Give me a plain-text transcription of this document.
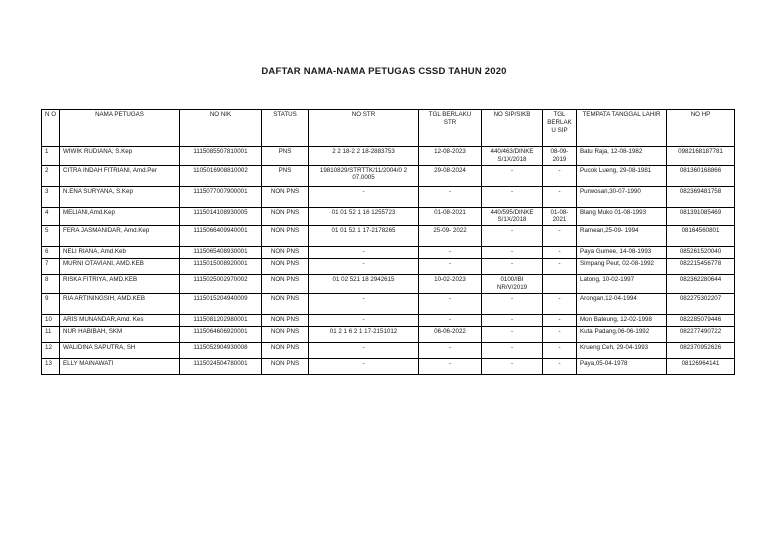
DAFTAR NAMA-NAMA PETUGAS CSSD TAHUN 2020
N O	NAMA PETUGAS	NO NIK	STATUS	NO STR	TGL BERLAKU STR	NO SIP/SIKB	TGL BERLAKU SIP	TEMPATA TANGGAL LAHIR	NO HP
1	WIWIK RUDIANA, S.Kep	1115085507810001	PNS	2 2 18-2 2 18-2883753	12-08-2023	440/463/DINKE S/1X/2018	08-09-2019	Batu Raja, 12-08-1982	0982168187781
2	CITRA INDAH FITRIANI, Amd.Per	1105016908810002	PNS	19810829/STRTTK/11/2004/0 2 07.0005	29-08-2024	-	-	Pucok Lueng, 29-08-1981	081360168866
3	N.ENA SURYANA, S.Kep	1115077007900001	NON PNS	-	-	-	-	Purwosari,30-07-1990	082369481758
4	MELIANI,Amd.Kep	1115014108930005	NON PNS	01 01 52 1 16 1255723	01-08-2021	440/595/DINKE S/1X/2018	01-08-2021	Blang Muko 01-08-1993	081391085469
5	FERA JASMANIDAR, Amd.Kep	1115066409940001	NON PNS	01 01 52 1 17-2178265	25-09- 2022	-	-	Ramean,25-09- 1994	08164560801
6	NELI RIANA, Amd.Keb	1115065408930001	NON PNS	-	-	-	-	Paya Gumee, 14-08-1993	085261520040
7	MURNI OTAVIANI, AMD.KEB	1115015008920001	NON PNS	-	-	-	-	Simpang Peut, 02-08-1992	082215456778
8	RISKA FITRIYA, AMD.KEB	1115025002970002	NON PNS	01 02 521 18 2942615	10-02-2023	0100/IBI NR/V/2019		Latong, 10-02-1997	082362280644
9	RIA ARTININGSIH, AMD.KEB	1115015204940009	NON PNS	-	-	-	-	Arongan,12-04-1994	082275302207
10	ARIS MUNANDAR,Amd. Kes	1115081202980001	NON PNS	-	-	-	-	Mon Bateung, 12-02-1998	082285079446
11	NUR HABIBAH, SKM	1115064606920001	NON PNS	01 2 1 6 2 1 17-2151012	06-06-2022	-	-	Kuta Padang,06-06-1992	082277490722
12	WALIDINA SAPUTRA, SH	1115052904930008	NON PNS	-	-	-	-	Krueng Ceh, 29-04-1993	082370952626
13	ELLY MAINAWATI	1115024504780001	NON PNS	-	-	-	-	Paya,05-04-1978	08126964141
